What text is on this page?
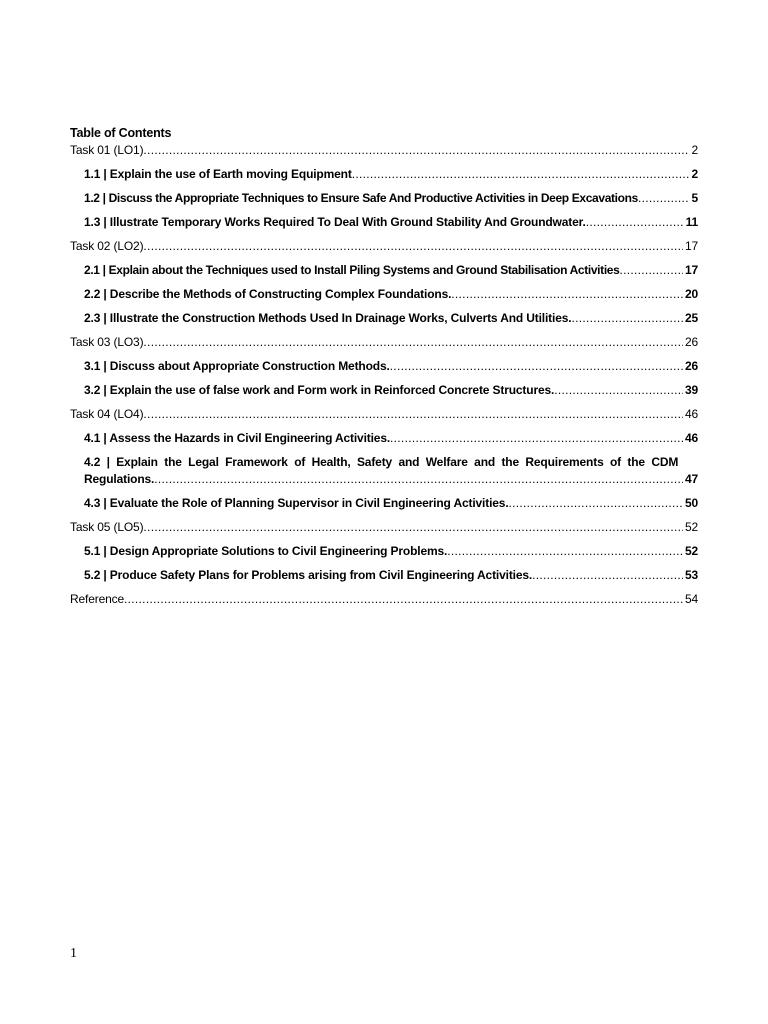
Table of Contents
Task 01 (LO1) .....	2
1.1 | Explain the use of Earth moving Equipment .....	2
1.2 | Discuss the Appropriate Techniques to Ensure Safe And Productive Activities in Deep Excavations .....	5
1.3 | Illustrate Temporary Works Required To Deal With Ground Stability And Groundwater. .....	11
Task 02 (LO2) .....	17
2.1 | Explain about the Techniques used to Install Piling Systems and Ground Stabilisation Activities .....	17
2.2 | Describe the Methods of Constructing Complex Foundations. .....	20
2.3 | Illustrate the Construction Methods Used In Drainage Works, Culverts And Utilities. .....	25
Task 03 (LO3) .....	26
3.1 | Discuss about Appropriate Construction Methods. .....	26
3.2 | Explain the use of false work and Form work in Reinforced Concrete Structures. .....	39
Task 04 (LO4) .....	46
4.1 | Assess the Hazards in Civil Engineering Activities. .....	46
4.2 | Explain the Legal Framework of Health, Safety and Welfare and the Requirements of the CDM
Regulations. .....	47
4.3 | Evaluate the Role of Planning Supervisor in Civil Engineering Activities. .....	50
Task 05 (LO5) .....	52
5.1 | Design Appropriate Solutions to Civil Engineering Problems. .....	52
5.2 | Produce Safety Plans for Problems arising from Civil Engineering Activities. .....	53
Reference .....	54
1
